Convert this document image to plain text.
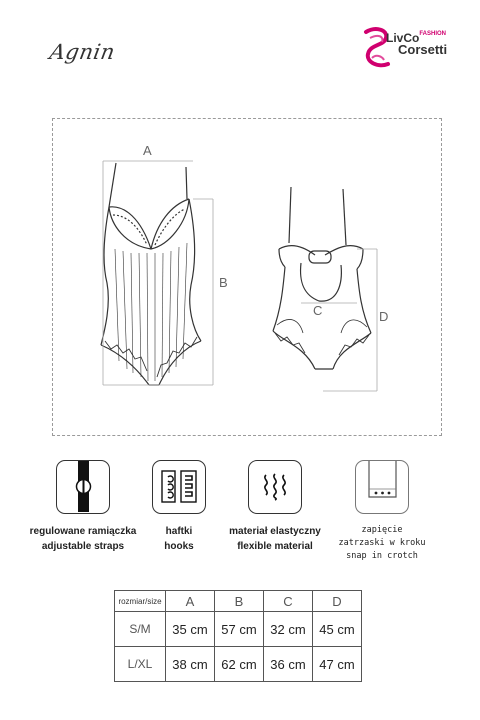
Agnin
LivCo$^{FASHION}$
Corsetti
A
B
C	D
regulowane ramiączka
adjustable straps
haftki
hooks
materiał elastyczny
flexible material
zapięcie
zatrzaski w kroku
snap in crotch
rozmiar/size	A	B	C	D
S/M	35 cm	57 cm	32 cm	45 cm
L/XL	38 cm	62 cm	36 cm	47 cm
